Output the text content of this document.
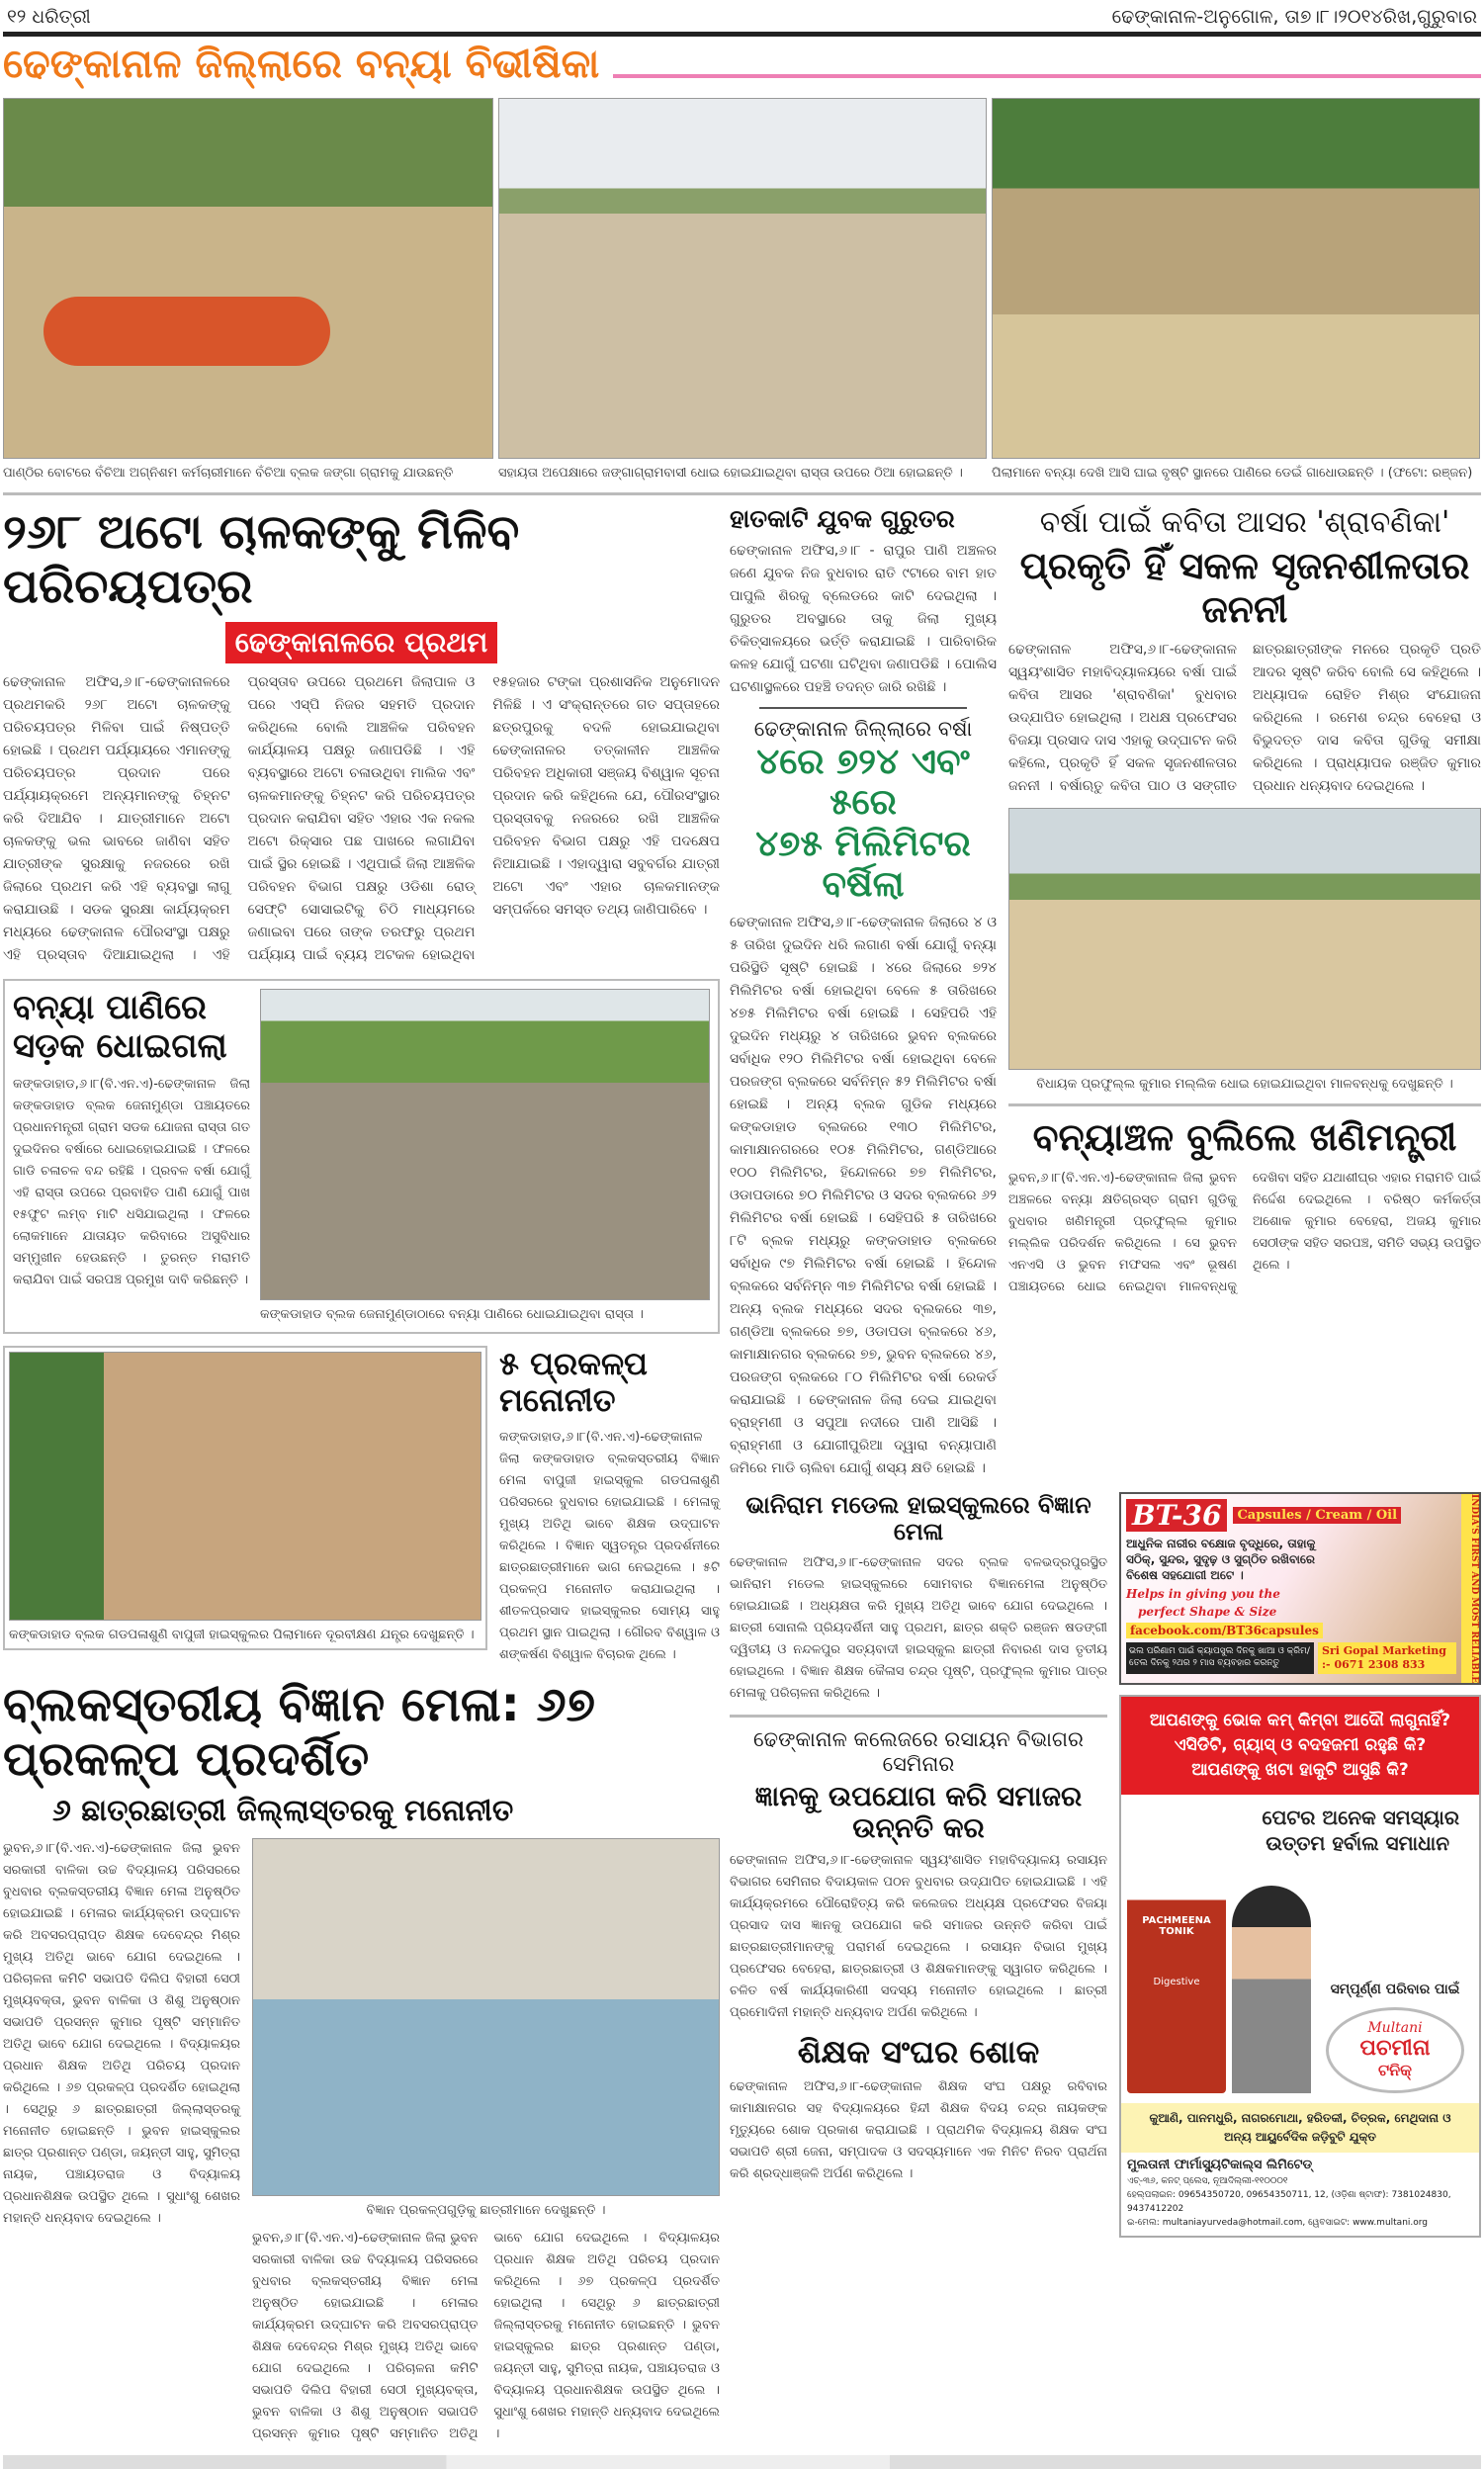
୧୨ ଧରିତ୍ରୀ	ଢେଙ୍କାନାଳ-ଅନୁଗୋଳ, ତା୭।୮।୨୦୧୪ରିଖ,ଗୁରୁବାର
ଢେଙ୍କାନାଳ ଜିଲ୍ଲାରେ ବନ୍ୟା ବିଭୀଷିକା
ପାଣ୍ଠିର ବୋଟରେ ବଁଚିଆ ଅଗ୍ନିଶମ କର୍ମଚାରୀମାନେ ବଁଚିଆ ବ୍ଲକ ଜଙ୍ଗା ଗ୍ରାମକୁ ଯାଉଛନ୍ତି	ସହାୟତା ଅପେକ୍ଷାରେ ଜଙ୍ଗାଗ୍ରାମବାସୀ ଧୋଇ ହୋଇଯାଇଥିବା ରାସ୍ତା ଉପରେ ଠିଆ ହୋଇଛନ୍ତି ।	ପିଲାମାନେ ବନ୍ୟା ଦେଖି ଆସି ଘାଇ ବୃଷ୍ଟି ସ୍ଥାନରେ ପାଣିରେ ଡେଇଁ ଗାଧୋଉଛନ୍ତି । (ଫଟୋ: ରଞ୍ଜନ)
୨୬୮ ଅଟୋ ଚାଳକଙ୍କୁ ମିଳିବ ପରିଚୟପତ୍ର
ଢେଙ୍କାନାଳରେ ପ୍ରଥମ
ଢେଙ୍କାନାଳ ଅଫିସ,୬।୮-ଢେଙ୍କାନାଳରେ ପ୍ରଥମକରି ୨୬୮ ଅଟୋ ଚାଳକଙ୍କୁ ପରିଚୟପତ୍ର ମିଳିବା ପାଇଁ ନିଷ୍ପତ୍ତି ହୋଇଛି । ପ୍ରଥମ ପର୍ଯ୍ୟାୟରେ ଏମାନଙ୍କୁ ପରିଚୟପତ୍ର ପ୍ରଦାନ ପରେ ପର୍ଯ୍ୟାୟକ୍ରମେ ଅନ୍ୟମାନଙ୍କୁ ଚିହ୍ନଟ କରି ଦିଆଯିବ । ଯାତ୍ରୀମାନେ ଅଟୋ ଚାଳକଙ୍କୁ ଭଲ ଭାବରେ ଜାଣିବା ସହିତ ଯାତ୍ରୀଙ୍କ ସୁରକ୍ଷାକୁ ନଜରରେ ରଖି ଜିଲାରେ ପ୍ରଥମ କରି ଏହି ବ୍ୟବସ୍ଥା ଲାଗୁ କରାଯାଉଛି । ସଡକ ସୁରକ୍ଷା କାର୍ଯ୍ୟକ୍ରମ ମଧ୍ୟରେ ଢେଙ୍କାନାଳ ପୌରସଂସ୍ଥା ପକ୍ଷରୁ ଏହି ପ୍ରସ୍ତାବ ଦିଆଯାଇଥିଲା । ଏହି ପ୍ରସ୍ତାବ ଉପରେ ପ୍ରଥମେ ଜିଲାପାଳ ଓ ପରେ ଏସ୍‌ପି ନିଜର ସହମତି ପ୍ରଦାନ କରିଥିଲେ ବୋଲି ଆଞ୍ଚଳିକ ପରିବହନ କାର୍ଯ୍ୟାଳୟ ପକ୍ଷରୁ ଜଣାପଡିଛି । ଏହି ବ୍ୟବସ୍ଥାରେ ଅଟୋ ଚଳାଉଥିବା ମାଲିକ ଏବଂ ଚାଳକମାନଙ୍କୁ ଚିହ୍ନଟ କରି ପରିଚୟପତ୍ର ପ୍ରଦାନ କରାଯିବା ସହିତ ଏହାର ଏକ ନକଲ ଅଟୋ ରିକ୍ସାର ପଛ ପାଖରେ ଲଗାଯିବା ପାଇଁ ସ୍ଥିର ହୋଇଛି । ଏଥିପାଇଁ ଜିଲା ଆଞ୍ଚଳିକ ପରିବହନ ବିଭାଗ ପକ୍ଷରୁ ଓଡିଶା ରୋଡ୍ ସେଫ୍‌ଟି ସୋସାଇଟିକୁ ଚିଠି ମାଧ୍ୟମରେ ଜଣାଇବା ପରେ ତାଙ୍କ ତରଫରୁ ପ୍ରଥମ ପର୍ଯ୍ୟାୟ ପାଇଁ ବ୍ୟୟ ଅଟକଳ ହୋଇଥିବା ୧୫ହଜାର ଟଙ୍କା ପ୍ରଶାସନିକ ଅନୁମୋଦନ ମିଳିଛି । ଏ ସଂକ୍ରାନ୍ତରେ ଗତ ସପ୍ତାହରେ ଛତ୍ରପୁରକୁ ବଦଳି ହୋଇଯାଇଥିବା ଢେଙ୍କାନାଳର ତତ୍କାଳୀନ ଆଞ୍ଚଳିକ ପରିବହନ ଅଧିକାରୀ ସଞ୍ଜୟ ବିଶ୍ୱାଳ ସୂଚନା ପ୍ରଦାନ କରି କହିଥିଲେ ଯେ, ପୌରସଂସ୍ଥାର ପ୍ରସ୍ତାବକୁ ନଜରରେ ରଖି ଆଞ୍ଚଳିକ ପରିବହନ ବିଭାଗ ପକ୍ଷରୁ ଏହି ପଦକ୍ଷେପ ନିଆଯାଇଛି । ଏହାଦ୍ୱାରା ସବୁବର୍ଗର ଯାତ୍ରୀ ଅଟୋ ଏବଂ ଏହାର ଚାଳକମାନଙ୍କ ସମ୍ପର୍କରେ ସମସ୍ତ ତଥ୍ୟ ଜାଣିପାରିବେ ।
ବନ୍ୟା ପାଣିରେ
ସଡ଼କ ଧୋଇଗଲା
କଙ୍କଡାହାଡ,୬।୮(ବି.ଏନ.ଏ)-ଢେଙ୍କାନାଳ ଜିଲା କଙ୍କଡାହାଡ ବ୍ଲକ ଜେନାମୁଣ୍ଡା ପଞ୍ଚାୟତରେ ପ୍ରଧାନମନ୍ତ୍ରୀ ଗ୍ରାମ ସଡକ ଯୋଜନା ରାସ୍ତା ଗତ ଦୁଇଦିନର ବର୍ଷାରେ ଧୋଇହୋଇଯାଇଛି । ଫଳରେ ଗାଡି ଚଳାଚଳ ବନ୍ଦ ରହିଛି । ପ୍ରବଳ ବର୍ଷା ଯୋଗୁଁ ଏହି ରାସ୍ତା ଉପରେ ପ୍ରବାହିତ ପାଣି ଯୋଗୁଁ ପାଖ ୧୫ଫୁଟ ଲମ୍ବ ମାଟି ଧସିଯାଇଥିଲା । ଫଳରେ ଲୋକମାନେ ଯାତାୟତ କରିବାରେ ଅସୁବିଧାର ସମ୍ମୁଖୀନ ହେଉଛନ୍ତି । ତୁରନ୍ତ ମରାମତି କରାଯିବା ପାଇଁ ସରପଞ୍ଚ ପ୍ରମୁଖ ଦାବି କରିଛନ୍ତି ।
କଙ୍କଡାହାଡ ବ୍ଲକ ଜେନାମୁଣ୍ଡାଠାରେ ବନ୍ୟା ପାଣିରେ ଧୋଇଯାଇଥିବା ରାସ୍ତା ।
କଙ୍କଡାହାଡ ବ୍ଲକ ଗଡପଳାଶୁଣି ବାପୁଜୀ ହାଇସ୍କୁଲର ପିଲାମାନେ ଦୂରବୀକ୍ଷଣ ଯନ୍ତ୍ର ଦେଖୁଛନ୍ତି ।
୫ ପ୍ରକଳ୍ପ ମନୋନୀତ
କଙ୍କଡାହାଡ,୬।୮(ବି.ଏନ.ଏ)-ଢେଙ୍କାନାଳ ଜିଲା କଙ୍କଡାହାଡ ବ୍ଲକସ୍ତରୀୟ ବିଜ୍ଞାନ ମେଳା ବାପୁଜୀ ହାଇସ୍କୁଲ ଗଡପଳାଶୁଣି ପରିସରରେ ବୁଧବାର ହୋଇଯାଇଛି । ମେଳାକୁ ମୁଖ୍ୟ ଅତିଥି ଭାବେ ଶିକ୍ଷକ ଉଦ୍‌ଘାଟନ କରିଥିଲେ । ବିଜ୍ଞାନ ସ୍ୱତନ୍ତ୍ର ପ୍ରଦର୍ଶନୀରେ ଛାତ୍ରଛାତ୍ରୀମାନେ ଭାଗ ନେଇଥିଲେ । ୫ଟି ପ୍ରକଳ୍ପ ମନୋନୀତ କରାଯାଇଥିଲା । ଶୀତଳପ୍ରସାଦ ହାଇସ୍କୁଲର ସୋମ୍ୟ ସାହୁ ପ୍ରଥମ ସ୍ଥାନ ପାଇଥିଲା । ଗୌରବ ବିଶ୍ୱାଳ ଓ ଶଙ୍କର୍ଷଣ ବିଶ୍ୱାଳ ବିଚାରକ ଥିଲେ ।
ବ୍ଲକସ୍ତରୀୟ ବିଜ୍ଞାନ ମେଳା: ୬୭ ପ୍ରକଳ୍ପ ପ୍ରଦର୍ଶିତ
୬ ଛାତ୍ରଛାତ୍ରୀ ଜିଲ୍ଲାସ୍ତରକୁ ମନୋନୀତ
ଭୁବନ,୬।୮(ବି.ଏନ.ଏ)-ଢେଙ୍କାନାଳ ଜିଲା ଭୁବନ ସରକାରୀ ବାଳିକା ଉଚ୍ଚ ବିଦ୍ୟାଳୟ ପରିସରରେ ବୁଧବାର ବ୍ଲକସ୍ତରୀୟ ବିଜ୍ଞାନ ମେଳା ଅନୁଷ୍ଠିତ ହୋଇଯାଇଛି । ମେଳାର କାର୍ଯ୍ୟକ୍ରମ ଉଦ୍‌ଘାଟନ କରି ଅବସରପ୍ରାପ୍ତ ଶିକ୍ଷକ ଦେବେନ୍ଦ୍ର ମିଶ୍ର ମୁଖ୍ୟ ଅତିଥି ଭାବେ ଯୋଗ ଦେଇଥିଲେ । ପରିଚାଳନା କମିଟି ସଭାପତି ଦିଲିପ ବିହାରୀ ସେଠୀ ମୁଖ୍ୟବକ୍ତା, ଭୁବନ ବାଳିକା ଓ ଶିଶୁ ଅନୁଷ୍ଠାନ ସଭାପତି ପ୍ରସନ୍ନ କୁମାର ପୃଷ୍ଟି ସମ୍ମାନିତ ଅତିଥି ଭାବେ ଯୋଗ ଦେଇଥିଲେ । ବିଦ୍ୟାଳୟର ପ୍ରଧାନ ଶିକ୍ଷକ ଅତିଥି ପରିଚୟ ପ୍ରଦାନ କରିଥିଲେ । ୬୭ ପ୍ରକଳ୍ପ ପ୍ରଦର୍ଶିତ ହୋଇଥିଲା । ସେଥିରୁ ୬ ଛାତ୍ରଛାତ୍ରୀ ଜିଲ୍ଲାସ୍ତରକୁ ମନୋନୀତ ହୋଇଛନ୍ତି । ଭୁବନ ହାଇସ୍କୁଲର ଛାତ୍ର ପ୍ରଶାନ୍ତ ପଣ୍ଡା, ଜୟନ୍ତୀ ସାହୁ, ସୁମିତ୍ରା ନାୟକ, ପଞ୍ଚାୟତରାଜ ଓ ବିଦ୍ୟାଳୟ ପ୍ରଧାନଶିକ୍ଷକ ଉପସ୍ଥିତ ଥିଲେ । ସୁଧାଂଶୁ ଶେଖର ମହାନ୍ତି ଧନ୍ୟବାଦ ଦେଇଥିଲେ ।
ବିଜ୍ଞାନ ପ୍ରକଳ୍ପଗୁଡ଼ିକୁ ଛାତ୍ରୀମାନେ ଦେଖୁଛନ୍ତି ।
ଭୁବନ,୬।୮(ବି.ଏନ.ଏ)-ଢେଙ୍କାନାଳ ଜିଲା ଭୁବନ ସରକାରୀ ବାଳିକା ଉଚ୍ଚ ବିଦ୍ୟାଳୟ ପରିସରରେ ବୁଧବାର ବ୍ଲକସ୍ତରୀୟ ବିଜ୍ଞାନ ମେଳା ଅନୁଷ୍ଠିତ ହୋଇଯାଇଛି । ମେଳାର କାର୍ଯ୍ୟକ୍ରମ ଉଦ୍‌ଘାଟନ କରି ଅବସରପ୍ରାପ୍ତ ଶିକ୍ଷକ ଦେବେନ୍ଦ୍ର ମିଶ୍ର ମୁଖ୍ୟ ଅତିଥି ଭାବେ ଯୋଗ ଦେଇଥିଲେ । ପରିଚାଳନା କମିଟି ସଭାପତି ଦିଲିପ ବିହାରୀ ସେଠୀ ମୁଖ୍ୟବକ୍ତା, ଭୁବନ ବାଳିକା ଓ ଶିଶୁ ଅନୁଷ୍ଠାନ ସଭାପତି ପ୍ରସନ୍ନ କୁମାର ପୃଷ୍ଟି ସମ୍ମାନିତ ଅତିଥି ଭାବେ ଯୋଗ ଦେଇଥିଲେ । ବିଦ୍ୟାଳୟର ପ୍ରଧାନ ଶିକ୍ଷକ ଅତିଥି ପରିଚୟ ପ୍ରଦାନ କରିଥିଲେ । ୬୭ ପ୍ରକଳ୍ପ ପ୍ରଦର୍ଶିତ ହୋଇଥିଲା । ସେଥିରୁ ୬ ଛାତ୍ରଛାତ୍ରୀ ଜିଲ୍ଲାସ୍ତରକୁ ମନୋନୀତ ହୋଇଛନ୍ତି । ଭୁବନ ହାଇସ୍କୁଲର ଛାତ୍ର ପ୍ରଶାନ୍ତ ପଣ୍ଡା, ଜୟନ୍ତୀ ସାହୁ, ସୁମିତ୍ରା ନାୟକ, ପଞ୍ଚାୟତରାଜ ଓ ବିଦ୍ୟାଳୟ ପ୍ରଧାନଶିକ୍ଷକ ଉପସ୍ଥିତ ଥିଲେ । ସୁଧାଂଶୁ ଶେଖର ମହାନ୍ତି ଧନ୍ୟବାଦ ଦେଇଥିଲେ ।
ହାତକାଟି ଯୁବକ ଗୁରୁତର
ଢେଙ୍କାନାଳ ଅଫିସ,୬।୮ - ରାପୁର ପାଣି ଅଞ୍ଚଳର ଜଣେ ଯୁବକ ନିଜ ବୁଧବାର ରାତି ୯ଟାରେ ବାମ ହାତ ପାପୁଲି ଶିରକୁ ବ୍ଲେଡରେ କାଟି ଦେଇଥିଲା । ଗୁରୁତର ଅବସ୍ଥାରେ ତାକୁ ଜିଲା ମୁଖ୍ୟ ଚିକିତ୍ସାଳୟରେ ଭର୍ତ୍ତି କରାଯାଇଛି । ପାରିବାରିକ କଳହ ଯୋଗୁଁ ଘଟଣା ଘଟିଥିବା ଜଣାପଡିଛି । ପୋଲିସ ଘଟଣାସ୍ଥଳରେ ପହଞ୍ଚି ତଦନ୍ତ ଜାରି ରଖିଛି ।
ଢେଙ୍କାନାଳ ଜିଲ୍ଲାରେ ବର୍ଷା
୪ରେ ୭୨୪ ଏବଂ ୫ରେ
୪୭୫ ମିଲିମିଟର ବର୍ଷିଲା
ଢେଙ୍କାନାଳ ଅଫିସ,୬।୮-ଢେଙ୍କାନାଳ ଜିଲାରେ ୪ ଓ ୫ ତାରିଖ ଦୁଇଦିନ ଧରି ଲଗାଣ ବର୍ଷା ଯୋଗୁଁ ବନ୍ୟା ପରିସ୍ଥିତି ସୃଷ୍ଟି ହୋଇଛି । ୪ରେ ଜିଲାରେ ୭୨୪ ମିଲିମିଟର ବର୍ଷା ହୋଇଥିବା ବେଳେ ୫ ତାରିଖରେ ୪୭୫ ମିଲିମିଟର ବର୍ଷା ହୋଇଛି । ସେହିପରି ଏହି ଦୁଇଦିନ ମଧ୍ୟରୁ ୪ ତାରିଖରେ ଭୁବନ ବ୍ଲକରେ ସର୍ବାଧିକ ୧୨୦ ମିଲିମିଟର ବର୍ଷା ହୋଇଥିବା ବେଳେ ପରଜଙ୍ଗ ବ୍ଲକରେ ସର୍ବନିମ୍ନ ୫୨ ମିଲିମିଟର ବର୍ଷା ହୋଇଛି । ଅନ୍ୟ ବ୍ଲକ ଗୁଡିକ ମଧ୍ୟରେ କଙ୍କଡାହାଡ ବ୍ଲକରେ ୧୩୦ ମିଲିମିଟର, କାମାକ୍ଷାନଗରରେ ୧୦୫ ମିଲିମିଟର, ଗଣ୍ଡିଆରେ ୧୦୦ ମିଲିମିଟର, ହିନ୍ଦୋଳରେ ୭୭ ମିଲିମିଟର, ଓଡାପଡାରେ ୭୦ ମିଲିମିଟର ଓ ସଦର ବ୍ଲକରେ ୬୨ ମିଲିମିଟର ବର୍ଷା ହୋଇଛି । ସେହିପରି ୫ ତାରିଖରେ ୮ଟି ବ୍ଲକ ମଧ୍ୟରୁ କଙ୍କଡାହାଡ ବ୍ଲକରେ ସର୍ବାଧିକ ୯୭ ମିଲିମିଟର ବର୍ଷା ହୋଇଛି । ହିନ୍ଦୋଳ ବ୍ଲକରେ ସର୍ବନିମ୍ନ ୩୭ ମିଲିମିଟର ବର୍ଷା ହୋଇଛି । ଅନ୍ୟ ବ୍ଲକ ମଧ୍ୟରେ ସଦର ବ୍ଲକରେ ୩୭, ଗଣ୍ଡିଆ ବ୍ଲକରେ ୭୭, ଓଡାପଡା ବ୍ଲକରେ ୪୬, କାମାକ୍ଷାନଗର ବ୍ଲକରେ ୭୭, ଭୁବନ ବ୍ଲକରେ ୪୬, ପରଜଙ୍ଗ ବ୍ଲକରେ ୮୦ ମିଲିମିଟର ବର୍ଷା ରେକର୍ଡ କରାଯାଇଛି । ଢେଙ୍କାନାଳ ଜିଲା ଦେଇ ଯାଇଥିବା ବ୍ରାହ୍ମଣୀ ଓ ସପୁଆ ନଦୀରେ ପାଣି ଆସିଛି । ବ୍ରାହ୍ମଣୀ ଓ ଯୋଗୀପୁରିଆ ଦ୍ୱାରା ବନ୍ୟାପାଣି ଜମିରେ ମାଡି ଚାଲିବା ଯୋଗୁଁ ଶସ୍ୟ କ୍ଷତି ହୋଇଛି ।
ବର୍ଷା ପାଇଁ କବିତା ଆସର 'ଶ୍ରାବଣିକା'
ପ୍ରକୃତି ହିଁ ସକଳ ସୃଜନଶୀଳତାର ଜନନୀ
ଢେଙ୍କାନାଳ ଅଫିସ,୬।୮-ଢେଙ୍କାନାଳ ସ୍ୱୟଂଶାସିତ ମହାବିଦ୍ୟାଳୟରେ ବର୍ଷା ପାଇଁ କବିତା ଆସର 'ଶ୍ରାବଣିକା' ବୁଧବାର ଉଦ୍‌ଯାପିତ ହୋଇଥିଲା । ଅଧକ୍ଷ ପ୍ରଫେସର ବିଜୟା ପ୍ରସାଦ ଦାସ ଏହାକୁ ଉଦ୍‌ଘାଟନ କରି କହିଲେ, ପ୍ରକୃତି ହିଁ ସକଳ ସୃଜନଶୀଳତାର ଜନନୀ । ବର୍ଷାଋତୁ କବିତା ପାଠ ଓ ସଙ୍ଗୀତ ଛାତ୍ରଛାତ୍ରୀଙ୍କ ମନରେ ପ୍ରକୃତି ପ୍ରତି ଆଦର ସୃଷ୍ଟି କରିବ ବୋଲି ସେ କହିଥିଲେ । ଅଧ୍ୟାପକ ରୋହିତ ମିଶ୍ର ସଂଯୋଜନା କରିଥିଲେ । ରମେଶ ଚନ୍ଦ୍ର ବେହେରା ଓ ବିଭୁଦତ୍ତ ଦାସ କବିତା ଗୁଡିକୁ ସମୀକ୍ଷା କରିଥିଲେ । ପ୍ରାଧ୍ୟାପକ ରଞ୍ଜିତ କୁମାର ପ୍ରଧାନ ଧନ୍ୟବାଦ ଦେଇଥିଲେ ।
ବିଧାୟକ ପ୍ରଫୁଲ୍ଲ କୁମାର ମଲ୍ଲିକ ଧୋଇ ହୋଇଯାଇଥିବା ମାଳବନ୍ଧକୁ ଦେଖୁଛନ୍ତି ।
ବନ୍ୟାଞ୍ଚଳ ବୁଲିଲେ ଖଣିମନ୍ତ୍ରୀ
ଭୁବନ,୬।୮(ବି.ଏନ.ଏ)-ଢେଙ୍କାନାଳ ଜିଲା ଭୁବନ ଅଞ୍ଚଳରେ ବନ୍ୟା କ୍ଷତିଗ୍ରସ୍ତ ଗ୍ରାମ ଗୁଡିକୁ ବୁଧବାର ଖଣିମନ୍ତ୍ରୀ ପ୍ରଫୁଲ୍ଲ କୁମାର ମଲ୍ଲିକ ପରିଦର୍ଶନ କରିଥିଲେ । ସେ ଭୁବନ ଏନଏସି ଓ ଭୁବନ ମଫସଲ ଏବଂ ଭୂଷଣ ପଞ୍ଚାୟତରେ ଧୋଇ ନେଇଥିବା ମାଳବନ୍ଧକୁ ଦେଖିବା ସହିତ ଯଥାଶୀଘ୍ର ଏହାର ମରାମତି ପାଇଁ ନିର୍ଦ୍ଦେଶ ଦେଇଥିଲେ । ବରିଷ୍ଠ କର୍ମକର୍ତ୍ତା ଅଶୋକ କୁମାର ବେହେରା, ଅଜୟ କୁମାର ସେଠୀଙ୍କ ସହିତ ସରପଞ୍ଚ, ସମିତି ସଭ୍ୟ ଉପସ୍ଥିତ ଥିଲେ ।
ଭାନିରାମ ମଡେଲ ହାଇସ୍କୁଲରେ ବିଜ୍ଞାନ ମେଳା
ଢେଙ୍କାନାଳ ଅଫିସ,୬।୮-ଢେଙ୍କାନାଳ ସଦର ବ୍ଲକ ବଳଭଦ୍ରପୁରସ୍ଥିତ ଭାନିରାମ ମଡେଲ ହାଇସ୍କୁଲରେ ସୋମବାର ବିଜ୍ଞାନମେଳା ଅନୁଷ୍ଠିତ ହୋଇଯାଇଛି । ଅଧ୍ୟକ୍ଷତା କରି ମୁଖ୍ୟ ଅତିଥି ଭାବେ ଯୋଗ ଦେଇଥିଲେ । ଛାତ୍ରୀ ସୋନାଲି ପ୍ରିୟଦର୍ଶିନୀ ସାହୁ ପ୍ରଥମ, ଛାତ୍ର ଶକ୍ତି ରଞ୍ଜନ ଷଡଙ୍ଗୀ ଦ୍ୱିତୀୟ ଓ ନନ୍ଦଳପୁର ସତ୍ୟବାଦୀ ହାଇସ୍କୁଲ ଛାତ୍ରୀ ନିବାରଣ ଦାସ ତୃତୀୟ ହୋଇଥିଲେ । ବିଜ୍ଞାନ ଶିକ୍ଷକ କୈଳାସ ଚନ୍ଦ୍ର ପୃଷ୍ଟି, ପ୍ରଫୁଲ୍ଲ କୁମାର ପାତ୍ର ମେଳାକୁ ପରିଚାଳନା କରିଥିଲେ ।
ଢେଙ୍କାନାଳ କଲେଜରେ ରସାୟନ ବିଭାଗର ସେମିନାର
ଜ୍ଞାନକୁ ଉପଯୋଗ କରି ସମାଜର ଉନ୍ନତି କର
ଢେଙ୍କାନାଳ ଅଫିସ,୬।୮-ଢେଙ୍କାନାଳ ସ୍ୱୟଂଶାସିତ ମହାବିଦ୍ୟାଳୟ ରସାୟନ ବିଭାଗର ସେମିନାର ବିଦାୟକାଳ ପଠନ ବୁଧବାର ଉଦ୍‌ଯାପିତ ହୋଇଯାଇଛି । ଏହି କାର୍ଯ୍ୟକ୍ରମରେ ପୌରୋହିତ୍ୟ କରି କଲେଜର ଅଧ୍ୟକ୍ଷ ପ୍ରଫେସର ବିଜୟା ପ୍ରସାଦ ଦାସ ଜ୍ଞାନକୁ ଉପଯୋଗ କରି ସମାଜର ଉନ୍ନତି କରିବା ପାଇଁ ଛାତ୍ରଛାତ୍ରୀମାନଙ୍କୁ ପରାମର୍ଶ ଦେଇଥିଲେ । ରସାୟନ ବିଭାଗ ମୁଖ୍ୟ ପ୍ରଫେସର ବେହେରା, ଛାତ୍ରଛାତ୍ରୀ ଓ ଶିକ୍ଷକମାନଙ୍କୁ ସ୍ୱାଗତ କରିଥିଲେ । ଚଳିତ ବର୍ଷ କାର୍ଯ୍ୟକାରିଣୀ ସଦସ୍ୟ ମନୋନୀତ ହୋଇଥିଲେ । ଛାତ୍ରୀ ପ୍ରମୋଦିନୀ ମହାନ୍ତି ଧନ୍ୟବାଦ ଅର୍ପଣ କରିଥିଲେ ।
ଶିକ୍ଷକ ସଂଘର ଶୋକ
ଢେଙ୍କାନାଳ ଅଫିସ,୬।୮-ଢେଙ୍କାନାଳ ଶିକ୍ଷକ ସଂଘ ପକ୍ଷରୁ ରବିବାର କାମାକ୍ଷାନଗର ସହ ବିଦ୍ୟାଳୟରେ ହିନ୍ଦୀ ଶିକ୍ଷକ ବିଦୟ ଚନ୍ଦ୍ର ନାୟକଙ୍କ ମୃତ୍ୟୁରେ ଶୋକ ପ୍ରକାଶ କରାଯାଇଛି । ପ୍ରାଥମିକ ବିଦ୍ୟାଳୟ ଶିକ୍ଷକ ସଂଘ ସଭାପତି ଶ୍ରୀ ଜେନା, ସମ୍ପାଦକ ଓ ସଦସ୍ୟମାନେ ଏକ ମିନିଟ ନିରବ ପ୍ରାର୍ଥନା କରି ଶ୍ରଦ୍ଧାଞ୍ଜଳି ଅର୍ପଣ କରିଥିଲେ ।
BT-36	Capsules / Cream / Oil
ଆଧୁନିକ ନାରୀର ବକ୍ଷୋଜ ବୃଦ୍ଧିରେ, ତାହାକୁ ସଠିକ୍, ସୁନ୍ଦର, ସୁଦୃଢ଼ ଓ ସୁଗ୍ଠିତ ରଖିବାରେ ବିଶେଷ ସହଯୋଗୀ ଅଟେ ।
Helps in giving you the
perfect Shape & Size
facebook.com/BT36capsules
ଭଲ ପରିଣାମ ପାଇଁ କ୍ୟାପସୁଲ ଦିନକୁ ଖାଆ ଓ କ୍ରିମ/ତେଲ ଦିନକୁ ୨ଥର ୨ ମାସ ବ୍ୟବହାର କରନ୍ତୁ
Sri Gopal Marketing
:- 0671 2308 833	INDIA'S FIRST AND MOST RELIABLE
ଆପଣଙ୍କୁ ଭୋକ କମ୍ କିମ୍ବା ଆଦୌ ଲାଗୁନାହିଁ?
ଏସିଡିଟି, ଗ୍ୟାସ୍ ଓ ବଦହଜମୀ ରହୁଛି କି?
ଆପଣଙ୍କୁ ଖଟା ହାକୁଟି ଆସୁଛି କି?
ପେଟର ଅନେକ ସମସ୍ୟାର
ଉତ୍ତମ ହର୍ବାଲ ସମାଧାନ
PACHMEENA TONIK
Digestive	ସମ୍ପୂର୍ଣ୍ଣ ପରିବାର ପାଇଁ
Multani
ପଚମୀନା
ଟନିକ୍
କୁଆଣି, ପାନମଧୁରି, ନାଗରମୋଥା, ହରିତକୀ, ଚିତ୍ରକ, ମେଥିଦାନା ଓ ଅନ୍ୟ ଆୟୁର୍ବେଦିକ ଜଡ଼ିବୁଟି ଯୁକ୍ତ
ମୁଲତାନୀ ଫାର୍ମାସ୍ୟୁଟିକାଲ୍ସ ଲିମିଟେଡ୍
ଏଚ୍-୩୬, କନଟ୍ ପ୍ଲେସ, ନୂଆଦିଲ୍ଲୀ-୧୧୦୦୦୧
ହେଲ୍ପଲାଇନ: 09654350720, 09654350711, 12, (ଓଡ଼ିଶା ଷ୍ଟାଫ): 7381024830, 9437412202
ଇ-ମେଲ: multaniayurveda@hotmail.com, ୱେବସାଇଟ: www.multani.org
